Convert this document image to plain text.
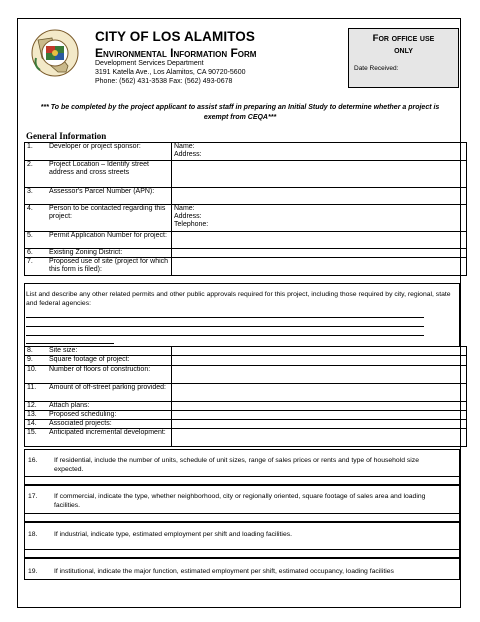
CITY OF LOS ALAMITOS
Environmental Information Form
Development Services Department
3191 Katella Ave., Los Alamitos, CA 90720-5600
Phone: (562) 431-3538 Fax: (562) 493-0678
For office use
only
Date Received:
*** To be completed by the project applicant to assist staff in preparing an Initial Study to determine whether a project is exempt from CEQA***
General Information
1.	Developer or project sponsor:	Name:
Address:

2.	Project Location – Identify street address and cross streets	
3.	Assessor's Parcel Number (APN):	
4.	Person to be contacted regarding this project:	Name:
Address:
Telephone:

5.	Permit Application Number for project:	
6.	Existing Zoning District:	
7.	Proposed use of site (project for which this form is filed):	
List and describe any other related permits and other public approvals required for this project, including those required by city, regional, state and federal agencies:
8.	Site size:	
9.	Square footage of project:	
10.	Number of floors of construction:	
11.	Amount of off-street parking provided:	
12.	Attach plans:	
13.	Proposed scheduling:	
14.	Associated projects:	
15.	Anticipated incremental development:	
16. If residential, include the number of units, schedule of unit sizes, range of sales prices or rents and type of household size expected.
17. If commercial, indicate the type, whether neighborhood, city or regionally oriented, square footage of sales area and loading facilities.
18. If industrial, indicate type, estimated employment per shift and loading facilities.
19. If institutional, indicate the major function, estimated employment per shift, estimated occupancy, loading facilities
